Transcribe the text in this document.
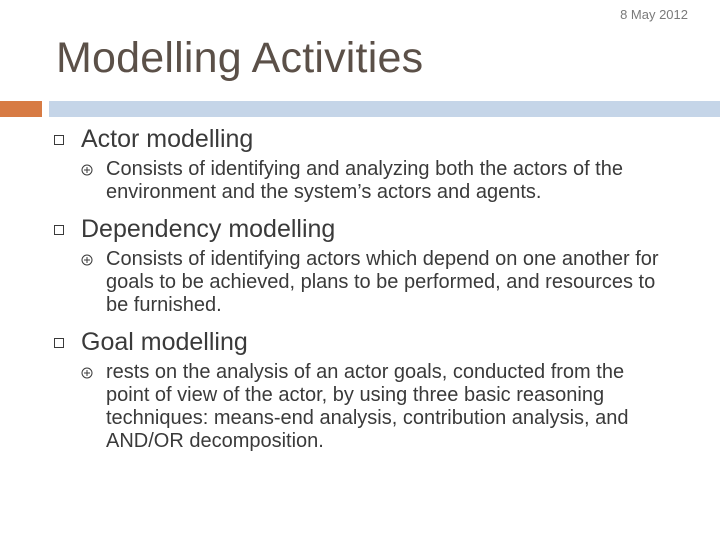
8 May 2012
Modelling Activities
Actor modelling
Consists of identifying and analyzing both the actors of the environment and the system’s actors and agents.
Dependency modelling
Consists of identifying actors which depend on one another for goals to be achieved, plans to be performed, and resources to be furnished.
Goal modelling
rests on the analysis of an actor goals, conducted from the point of view of the actor, by using three basic reasoning techniques: means-end analysis, contribution analysis, and AND/OR decomposition.
